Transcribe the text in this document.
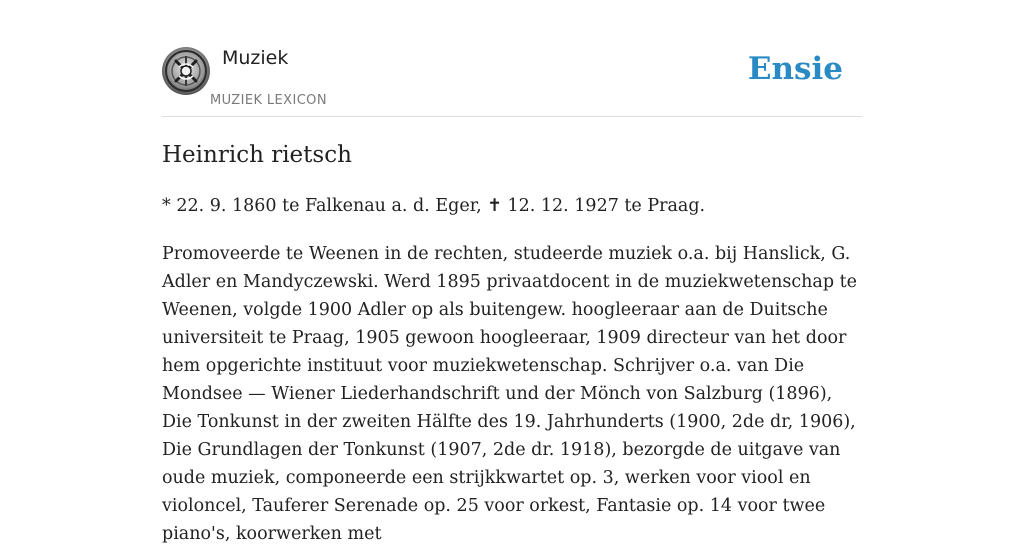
Muziek
MUZIEK LEXICON
Ensie
Heinrich rietsch

* 22. 9. 1860 te Falkenau a. d. Eger, ✝ 12. 12. 1927 te Praag.

Promoveerde te Weenen in de rechten, studeerde muziek o.a. bij Hanslick, G. Adler en Mandyczewski. Werd 1895 privaatdocent in de muziekwetenschap te Weenen, volgde 1900 Adler op als buitengew. hoogleeraar aan de Duitsche universiteit te Praag, 1905 gewoon hoogleeraar, 1909 directeur van het door hem opgerichte instituut voor muziekwetenschap. Schrijver o.a. van Die Mondsee — Wiener Liederhandschrift und der Mönch von Salzburg (1896), Die Tonkunst in der zweiten Hälfte des 19. Jahrhunderts (1900, 2de dr, 1906), Die Grundlagen der Tonkunst (1907, 2de dr. 1918), bezorgde de uitgave van oude muziek, componeerde een strijkkwartet op. 3, werken voor viool en violoncel, Tauferer Serenade op. 25 voor orkest, Fantasie op. 14 voor twee piano's, koorwerken met
